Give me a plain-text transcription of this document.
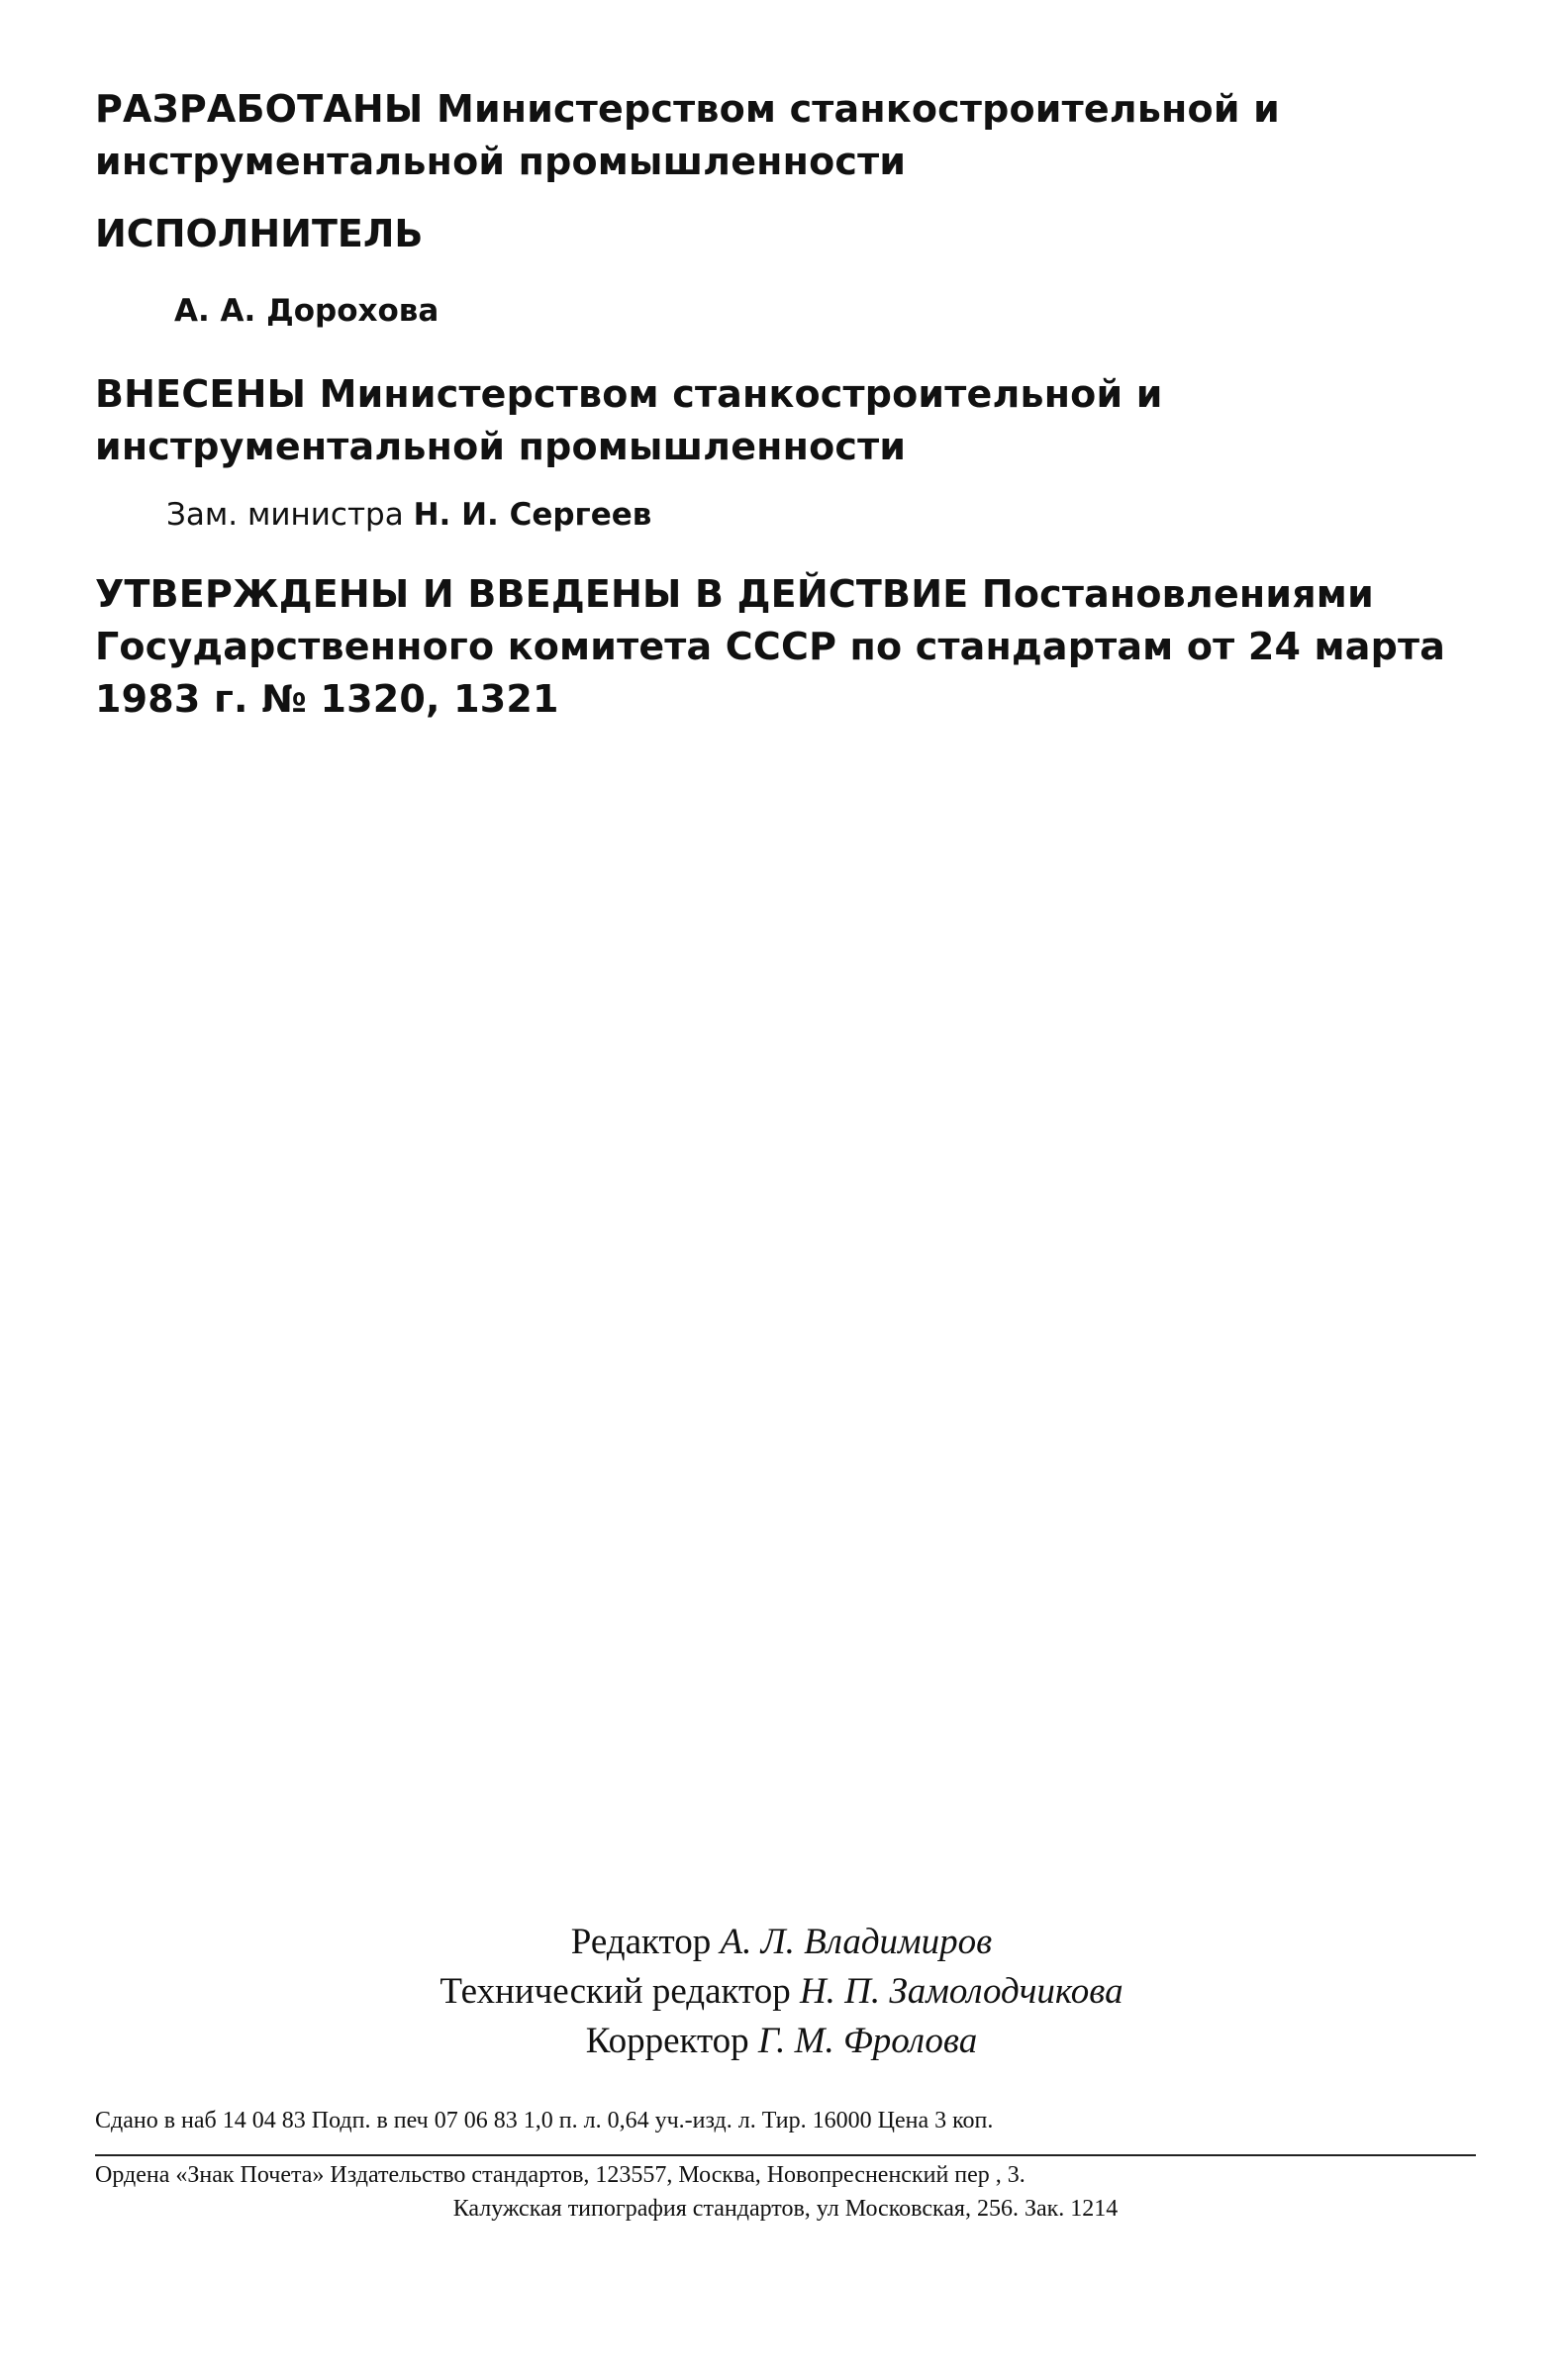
РАЗРАБОТАНЫ Министерством станкостроительной и инструментальной промышленности
ИСПОЛНИТЕЛЬ
А. А. Дорохова
ВНЕСЕНЫ Министерством станкостроительной и инструментальной промышленности
Зам. министра Н. И. Сергеев
УТВЕРЖДЕНЫ И ВВЕДЕНЫ В ДЕЙСТВИЕ Постановлениями Государственного комитета СССР по стандартам от 24 марта 1983 г. № 1320, 1321
Редактор А. Л. Владимиров
Технический редактор Н. П. Замолодчикова
Корректор Г. М. Фролова
Сдано в наб 14 04 83 Подп. в печ 07 06 83 1,0 п. л. 0,64 уч.-изд. л. Тир. 16000 Цена 3 коп.
Ордена «Знак Почета» Издательство стандартов, 123557, Москва, Новопресненский пер , 3.
Калужская типография стандартов, ул Московская, 256. Зак. 1214
